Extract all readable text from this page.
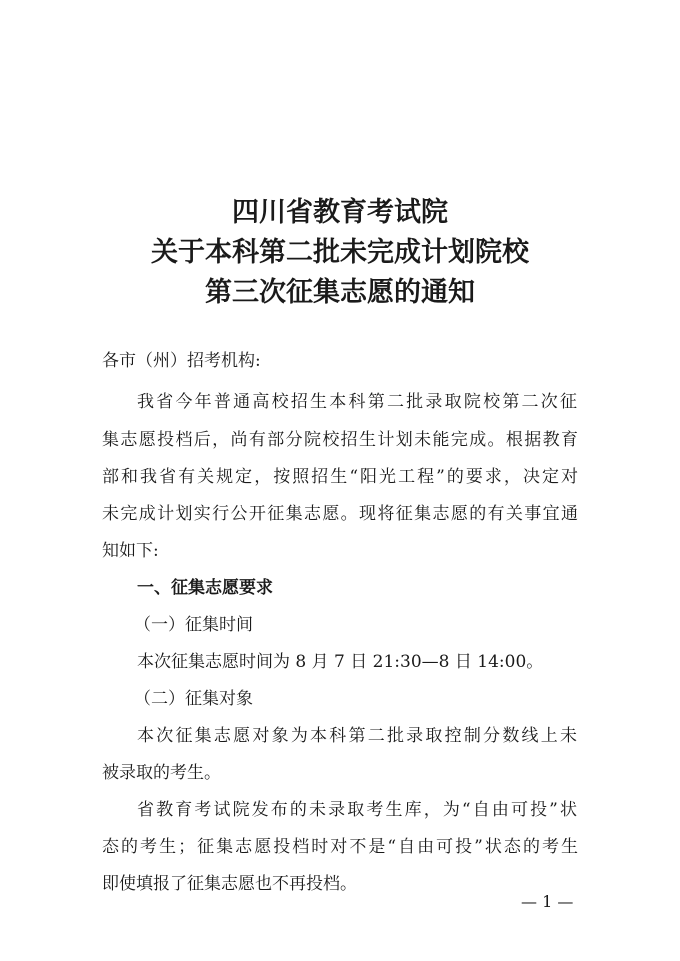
四川省教育考试院
关于本科第二批未完成计划院校
第三次征集志愿的通知
各市（州）招考机构:
我省今年普通高校招生本科第二批录取院校第二次征
集志愿投档后，尚有部分院校招生计划未能完成。根据教育
部和我省有关规定，按照招生“阳光工程”的要求，决定对
未完成计划实行公开征集志愿。现将征集志愿的有关事宜通
知如下:
一、征集志愿要求
（一）征集时间
本次征集志愿时间为 8 月 7 日 21:30—8 日 14:00。
（二）征集对象
本次征集志愿对象为本科第二批录取控制分数线上未
被录取的考生。
省教育考试院发布的未录取考生库，为“自由可投”状
态的考生；征集志愿投档时对不是“自由可投”状态的考生
即使填报了征集志愿也不再投档。
— 1 —
